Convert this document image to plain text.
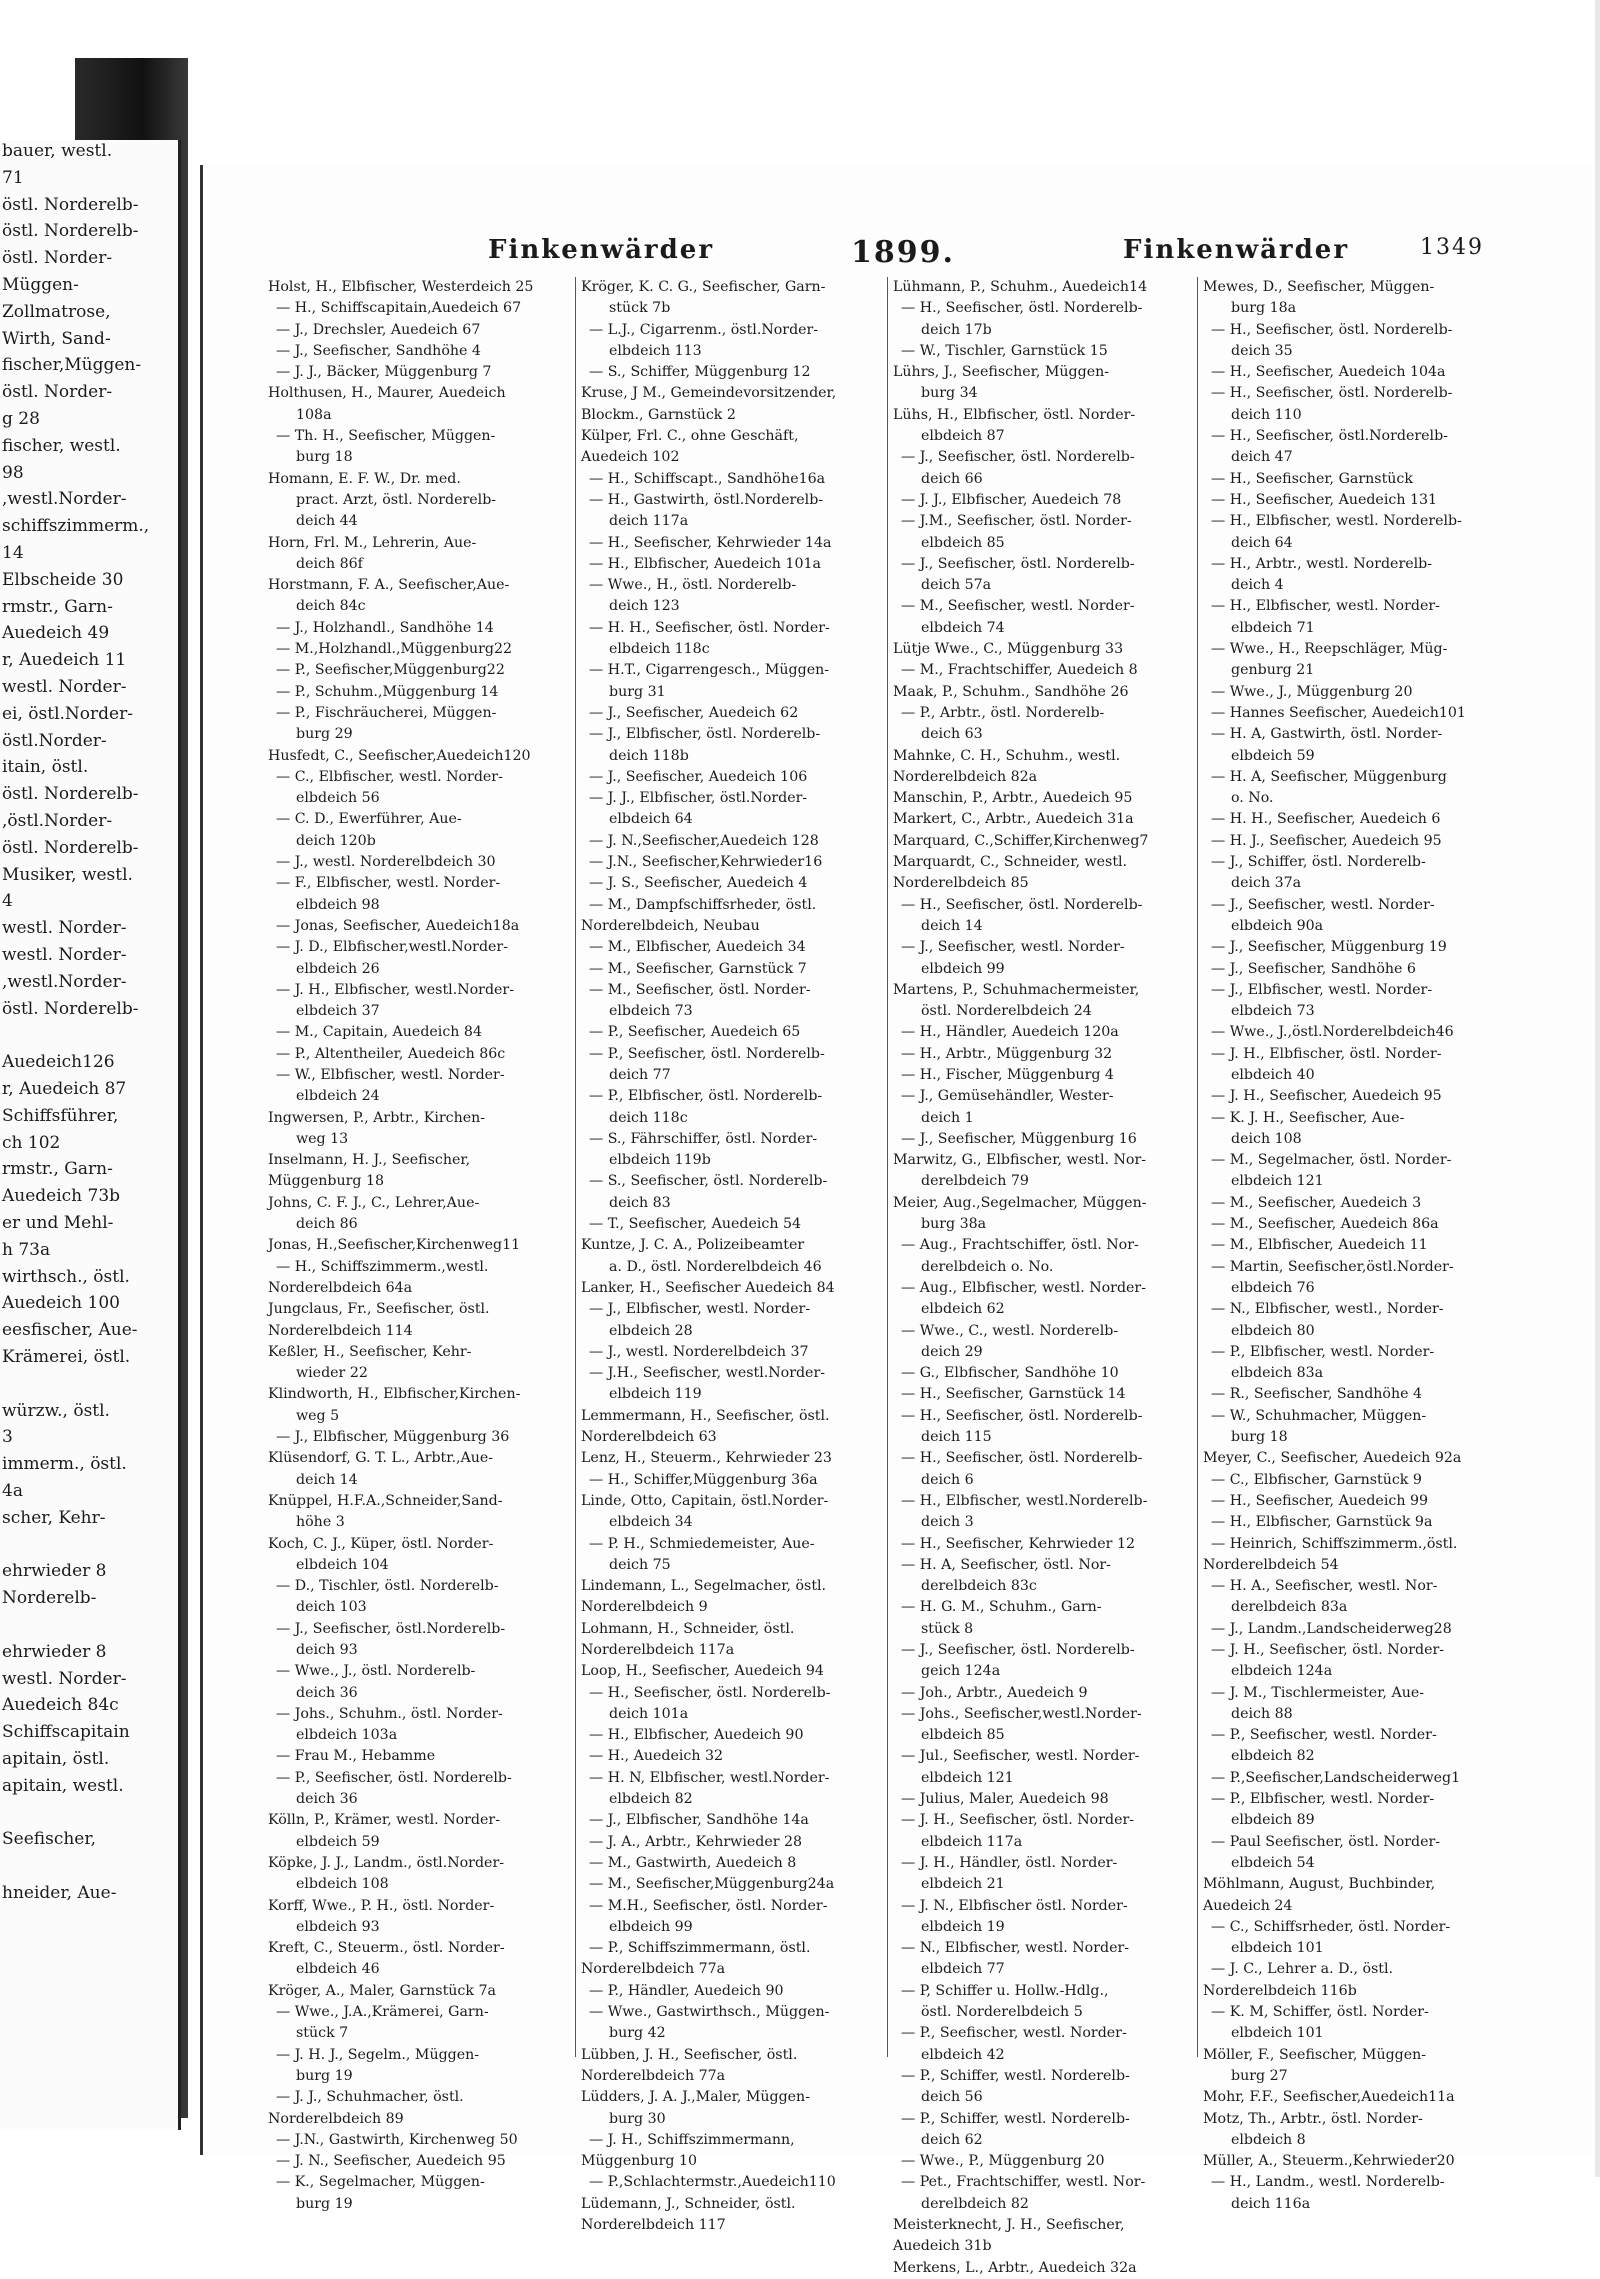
bauer, westl.
71
östl. Norderelb-
östl. Norderelb-
östl. Norder-
Müggen-
Zollmatrose,
Wirth, Sand-
fischer,Müggen-
östl. Norder-
g 28
fischer, westl.
98
,westl.Norder-
schiffszimmerm.,
14
Elbscheide 30
rmstr., Garn-
Auedeich 49
r, Auedeich 11
westl. Norder-
ei, östl.Norder-
östl.Norder-
itain, östl.
östl. Norderelb-
,östl.Norder-
östl. Norderelb-
Musiker, westl.
4
westl. Norder-
westl. Norder-
,westl.Norder-
östl. Norderelb-
Auedeich126
r, Auedeich 87
Schiffsführer,
ch 102
rmstr., Garn-
Auedeich 73b
er und Mehl-
h 73a
wirthsch., östl.
Auedeich 100
eesfischer, Aue-
Krämerei, östl.
würzw., östl.
3
immerm., östl.
4a
scher, Kehr-
ehrwieder 8
Norderelb-
ehrwieder 8
westl. Norder-
Auedeich 84c
Schiffscapitain
apitain, östl.
apitain, westl.
Seefischer,
hneider, Aue-
Finkenwärder	1899.	Finkenwärder	1349
Holst, H., Elbfischer, Westerdeich 25
— H., Schiffscapitain,Auedeich 67
— J., Drechsler, Auedeich 67
— J., Seefischer, Sandhöhe 4
— J. J., Bäcker, Müggenburg 7
Holthusen, H., Maurer, Auedeich
108a
— Th. H., Seefischer, Müggen-
burg 18
Homann, E. F. W., Dr. med.
pract. Arzt, östl. Norderelb-
deich 44
Horn, Frl. M., Lehrerin, Aue-
deich 86f
Horstmann, F. A., Seefischer,Aue-
deich 84c
— J., Holzhandl., Sandhöhe 14
— M.,Holzhandl.,Müggenburg22
— P., Seefischer,Müggenburg22
— P., Schuhm.,Müggenburg 14
— P., Fischräucherei, Müggen-
burg 29
Husfedt, C., Seefischer,Auedeich120
— C., Elbfischer, westl. Norder-
elbdeich 56
— C. D., Ewerführer, Aue-
deich 120b
— J., westl. Norderelbdeich 30
— F., Elbfischer, westl. Norder-
elbdeich 98
— Jonas, Seefischer, Auedeich18a
— J. D., Elbfischer,westl.Norder-
elbdeich 26
— J. H., Elbfischer, westl.Norder-
elbdeich 37
— M., Capitain, Auedeich 84
— P., Altentheiler, Auedeich 86c
— W., Elbfischer, westl. Norder-
elbdeich 24
Ingwersen, P., Arbtr., Kirchen-
weg 13
Inselmann, H. J., Seefischer,
Müggenburg 18
Johns, C. F. J., C., Lehrer,Aue-
deich 86
Jonas, H.,Seefischer,Kirchenweg11
— H., Schiffszimmerm.,westl.
Norderelbdeich 64a
Jungclaus, Fr., Seefischer, östl.
Norderelbdeich 114
Keßler, H., Seefischer, Kehr-
wieder 22
Klindworth, H., Elbfischer,Kirchen-
weg 5
— J., Elbfischer, Müggenburg 36
Klüsendorf, G. T. L., Arbtr.,Aue-
deich 14
Knüppel, H.F.A.,Schneider,Sand-
höhe 3
Koch, C. J., Küper, östl. Norder-
elbdeich 104
— D., Tischler, östl. Norderelb-
deich 103
— J., Seefischer, östl.Norderelb-
deich 93
— Wwe., J., östl. Norderelb-
deich 36
— Johs., Schuhm., östl. Norder-
elbdeich 103a
— Frau M., Hebamme
— P., Seefischer, östl. Norderelb-
deich 36
Kölln, P., Krämer, westl. Norder-
elbdeich 59
Köpke, J. J., Landm., östl.Norder-
elbdeich 108
Korff, Wwe., P. H., östl. Norder-
elbdeich 93
Kreft, C., Steuerm., östl. Norder-
elbdeich 46
Kröger, A., Maler, Garnstück 7a
— Wwe., J.A.,Krämerei, Garn-
stück 7
— J. H. J., Segelm., Müggen-
burg 19
— J. J., Schuhmacher, östl.
Norderelbdeich 89
— J.N., Gastwirth, Kirchenweg 50
— J. N., Seefischer, Auedeich 95
— K., Segelmacher, Müggen-
burg 19
Kröger, K. C. G., Seefischer, Garn-
stück 7b
— L.J., Cigarrenm., östl.Norder-
elbdeich 113
— S., Schiffer, Müggenburg 12
Kruse, J M., Gemeindevorsitzender,
Blockm., Garnstück 2
Külper, Frl. C., ohne Geschäft,
Auedeich 102
— H., Schiffscapt., Sandhöhe16a
— H., Gastwirth, östl.Norderelb-
deich 117a
— H., Seefischer, Kehrwieder 14a
— H., Elbfischer, Auedeich 101a
— Wwe., H., östl. Norderelb-
deich 123
— H. H., Seefischer, östl. Norder-
elbdeich 118c
— H.T., Cigarrengesch., Müggen-
burg 31
— J., Seefischer, Auedeich 62
— J., Elbfischer, östl. Norderelb-
deich 118b
— J., Seefischer, Auedeich 106
— J. J., Elbfischer, östl.Norder-
elbdeich 64
— J. N.,Seefischer,Auedeich 128
— J.N., Seefischer,Kehrwieder16
— J. S., Seefischer, Auedeich 4
— M., Dampfschiffsrheder, östl.
Norderelbdeich, Neubau
— M., Elbfischer, Auedeich 34
— M., Seefischer, Garnstück 7
— M., Seefischer, östl. Norder-
elbdeich 73
— P., Seefischer, Auedeich 65
— P., Seefischer, östl. Norderelb-
deich 77
— P., Elbfischer, östl. Norderelb-
deich 118c
— S., Fährschiffer, östl. Norder-
elbdeich 119b
— S., Seefischer, östl. Norderelb-
deich 83
— T., Seefischer, Auedeich 54
Kuntze, J. C. A., Polizeibeamter
a. D., östl. Norderelbdeich 46
Lanker, H., Seefischer Auedeich 84
— J., Elbfischer, westl. Norder-
elbdeich 28
— J., westl. Norderelbdeich 37
— J.H., Seefischer, westl.Norder-
elbdeich 119
Lemmermann, H., Seefischer, östl.
Norderelbdeich 63
Lenz, H., Steuerm., Kehrwieder 23
— H., Schiffer,Müggenburg 36a
Linde, Otto, Capitain, östl.Norder-
elbdeich 34
— P. H., Schmiedemeister, Aue-
deich 75
Lindemann, L., Segelmacher, östl.
Norderelbdeich 9
Lohmann, H., Schneider, östl.
Norderelbdeich 117a
Loop, H., Seefischer, Auedeich 94
— H., Seefischer, östl. Norderelb-
deich 101a
— H., Elbfischer, Auedeich 90
— H., Auedeich 32
— H. N, Elbfischer, westl.Norder-
elbdeich 82
— J., Elbfischer, Sandhöhe 14a
— J. A., Arbtr., Kehrwieder 28
— M., Gastwirth, Auedeich 8
— M., Seefischer,Müggenburg24a
— M.H., Seefischer, östl. Norder-
elbdeich 99
— P., Schiffszimmermann, östl.
Norderelbdeich 77a
— P., Händler, Auedeich 90
— Wwe., Gastwirthsch., Müggen-
burg 42
Lübben, J. H., Seefischer, östl.
Norderelbdeich 77a
Lüdders, J. A. J.,Maler, Müggen-
burg 30
— J. H., Schiffszimmermann,
Müggenburg 10
— P.,Schlachtermstr.,Auedeich110
Lüdemann, J., Schneider, östl.
Norderelbdeich 117
Lühmann, P., Schuhm., Auedeich14
— H., Seefischer, östl. Norderelb-
deich 17b
— W., Tischler, Garnstück 15
Lührs, J., Seefischer, Müggen-
burg 34
Lühs, H., Elbfischer, östl. Norder-
elbdeich 87
— J., Seefischer, östl. Norderelb-
deich 66
— J. J., Elbfischer, Auedeich 78
— J.M., Seefischer, östl. Norder-
elbdeich 85
— J., Seefischer, östl. Norderelb-
deich 57a
— M., Seefischer, westl. Norder-
elbdeich 74
Lütje Wwe., C., Müggenburg 33
— M., Frachtschiffer, Auedeich 8
Maak, P., Schuhm., Sandhöhe 26
— P., Arbtr., östl. Norderelb-
deich 63
Mahnke, C. H., Schuhm., westl.
Norderelbdeich 82a
Manschin, P., Arbtr., Auedeich 95
Markert, C., Arbtr., Auedeich 31a
Marquard, C.,Schiffer,Kirchenweg7
Marquardt, C., Schneider, westl.
Norderelbdeich 85
— H., Seefischer, östl. Norderelb-
deich 14
— J., Seefischer, westl. Norder-
elbdeich 99
Martens, P., Schuhmachermeister,
östl. Norderelbdeich 24
— H., Händler, Auedeich 120a
— H., Arbtr., Müggenburg 32
— H., Fischer, Müggenburg 4
— J., Gemüsehändler, Wester-
deich 1
— J., Seefischer, Müggenburg 16
Marwitz, G., Elbfischer, westl. Nor-
derelbdeich 79
Meier, Aug.,Segelmacher, Müggen-
burg 38a
— Aug., Frachtschiffer, östl. Nor-
derelbdeich o. No.
— Aug., Elbfischer, westl. Norder-
elbdeich 62
— Wwe., C., westl. Norderelb-
deich 29
— G., Elbfischer, Sandhöhe 10
— H., Seefischer, Garnstück 14
— H., Seefischer, östl. Norderelb-
deich 115
— H., Seefischer, östl. Norderelb-
deich 6
— H., Elbfischer, westl.Norderelb-
deich 3
— H., Seefischer, Kehrwieder 12
— H. A, Seefischer, östl. Nor-
derelbdeich 83c
— H. G. M., Schuhm., Garn-
stück 8
— J., Seefischer, östl. Norderelb-
geich 124a
— Joh., Arbtr., Auedeich 9
— Johs., Seefischer,westl.Norder-
elbdeich 85
— Jul., Seefischer, westl. Norder-
elbdeich 121
— Julius, Maler, Auedeich 98
— J. H., Seefischer, östl. Norder-
elbdeich 117a
— J. H., Händler, östl. Norder-
elbdeich 21
— J. N., Elbfischer östl. Norder-
elbdeich 19
— N., Elbfischer, westl. Norder-
elbdeich 77
— P, Schiffer u. Hollw.-Hdlg.,
östl. Norderelbdeich 5
— P., Seefischer, westl. Norder-
elbdeich 42
— P., Schiffer, westl. Norderelb-
deich 56
— P., Schiffer, westl. Norderelb-
deich 62
— Wwe., P., Müggenburg 20
— Pet., Frachtschiffer, westl. Nor-
derelbdeich 82
Meisterknecht, J. H., Seefischer,
Auedeich 31b
Merkens, L., Arbtr., Auedeich 32a
Mewes, D., Seefischer, Müggen-
burg 18a
— H., Seefischer, östl. Norderelb-
deich 35
— H., Seefischer, Auedeich 104a
— H., Seefischer, östl. Norderelb-
deich 110
— H., Seefischer, östl.Norderelb-
deich 47
— H., Seefischer, Garnstück
— H., Seefischer, Auedeich 131
— H., Elbfischer, westl. Norderelb-
deich 64
— H., Arbtr., westl. Norderelb-
deich 4
— H., Elbfischer, westl. Norder-
elbdeich 71
— Wwe., H., Reepschläger, Müg-
genburg 21
— Wwe., J., Müggenburg 20
— Hannes Seefischer, Auedeich101
— H. A, Gastwirth, östl. Norder-
elbdeich 59
— H. A, Seefischer, Müggenburg
o. No.
— H. H., Seefischer, Auedeich 6
— H. J., Seefischer, Auedeich 95
— J., Schiffer, östl. Norderelb-
deich 37a
— J., Seefischer, westl. Norder-
elbdeich 90a
— J., Seefischer, Müggenburg 19
— J., Seefischer, Sandhöhe 6
— J., Elbfischer, westl. Norder-
elbdeich 73
— Wwe., J.,östl.Norderelbdeich46
— J. H., Elbfischer, östl. Norder-
elbdeich 40
— J. H., Seefischer, Auedeich 95
— K. J. H., Seefischer, Aue-
deich 108
— M., Segelmacher, östl. Norder-
elbdeich 121
— M., Seefischer, Auedeich 3
— M., Seefischer, Auedeich 86a
— M., Elbfischer, Auedeich 11
— Martin, Seefischer,östl.Norder-
elbdeich 76
— N., Elbfischer, westl., Norder-
elbdeich 80
— P., Elbfischer, westl. Norder-
elbdeich 83a
— R., Seefischer, Sandhöhe 4
— W., Schuhmacher, Müggen-
burg 18
Meyer, C., Seefischer, Auedeich 92a
— C., Elbfischer, Garnstück 9
— H., Seefischer, Auedeich 99
— H., Elbfischer, Garnstück 9a
— Heinrich, Schiffszimmerm.,östl.
Norderelbdeich 54
— H. A., Seefischer, westl. Nor-
derelbdeich 83a
— J., Landm.,Landscheiderweg28
— J. H., Seefischer, östl. Norder-
elbdeich 124a
— J. M., Tischlermeister, Aue-
deich 88
— P., Seefischer, westl. Norder-
elbdeich 82
— P.,Seefischer,Landscheiderweg1
— P., Elbfischer, westl. Norder-
elbdeich 89
— Paul Seefischer, östl. Norder-
elbdeich 54
Möhlmann, August, Buchbinder,
Auedeich 24
— C., Schiffsrheder, östl. Norder-
elbdeich 101
— J. C., Lehrer a. D., östl.
Norderelbdeich 116b
— K. M, Schiffer, östl. Norder-
elbdeich 101
Möller, F., Seefischer, Müggen-
burg 27
Mohr, F.F., Seefischer,Auedeich11a
Motz, Th., Arbtr., östl. Norder-
elbdeich 8
Müller, A., Steuerm.,Kehrwieder20
— H., Landm., westl. Norderelb-
deich 116a
